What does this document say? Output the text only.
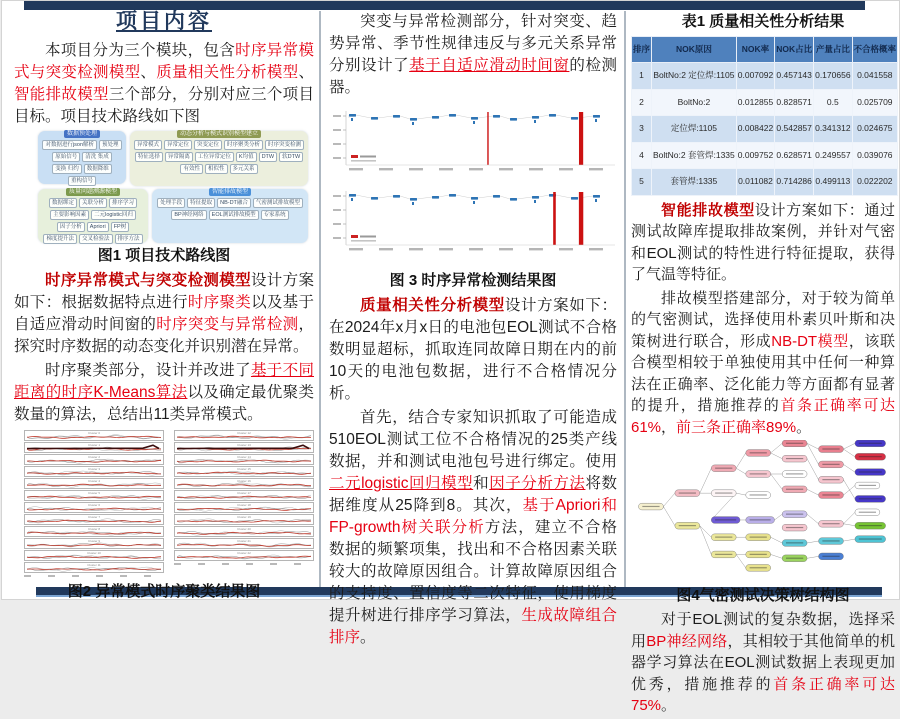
项目内容

本项目分为三个模块，包含时序异常模式与突变检测模型、质量相关性分析模型、智能排故模型三个部分，分别对应三个项目目标。项目技术路线如下图

数据预处理
对数据进行json解析	预处理
原始信号	清洗 集成
变换 归约	数据降维
重构信号
动态分析与模式识别模型建立
异常模式	异常定位	突变定位	时序聚类分析	时序突变检测
特征选择	异常隔离	工位异常定位	K均值	DTW	软DTW
有效性	相似性	多元关系
质量问题溯源模型
数据绑定	关联分析	排序学习
主要影响因素	二元logistic回归
因子分析	Apriori	FP树
梯度提升法	交叉检验法	排序方法
智能排故模型
处理手段	特征提取	NB-DT融合	气密测试排故模型
BP神经网络	EOL测试排故模型	专家系统
图1 项目技术路线图

时序异常模式与突变检测模型设计方案如下：根据数据特点进行时序聚类以及基于自适应滑动时间窗的时序突变与异常检测，探究时序数据的动态变化并识别潜在异常。

时序聚类部分，设计并改进了基于不同距离的时序K-Means算法以及确定最优聚类数量的算法，总结出11类异常模式。

Cluster 0
Cluster 1
Cluster 2
Cluster 3
Cluster 4
Cluster 5
Cluster 6
Cluster 7
Cluster 8
Cluster 9
Cluster 10
Cluster 11
Cluster 12
Cluster 13
Cluster 14
Cluster 15
Cluster 16
Cluster 17
Cluster 18
Cluster 19
Cluster 20
Cluster 21
Cluster 22
图2 异常模式时序聚类结果图

突变与异常检测部分，针对突变、趋势异常、季节性规律违反与多元关系异常分别设计了基于自适应滑动时间窗的检测器。

图 3 时序异常检测结果图

质量相关性分析模型设计方案如下：在2024年x月x日的电池包EOL测试不合格数明显超标，抓取连同故障日期在内的前10天的电池包数据，进行不合格情况分析。

首先，结合专家知识抓取了可能造成510EOL测试工位不合格情况的25类产线数据，并和测试电池包号进行绑定。使用二元logistic回归模型和因子分析方法将数据维度从25降到8。其次，基于Apriori和FP-growth树关联分析方法，建立不合格数据的频繁项集，找出和不合格因素关联较大的故障原因组合。计算故障原因组合的支持度、置信度等二次特征，使用梯度提升树进行排序学习算法，生成故障组合排序。

表1 质量相关性分析结果
排序	NOK原因	NOK率	NOK占比	产量占比	不合格概率
1	BoltNo:2 定位焊:1105	0.007092	0.457143	0.170656	0.041558
2	BoltNo:2	0.012855	0.828571	0.5	0.025709
3	定位焊:1105	0.008422	0.542857	0.341312	0.024675
4	BoltNo:2 套管焊:1335	0.009752	0.628571	0.249557	0.039076
5	套管焊:1335	0.011082	0.714286	0.499113	0.022202

智能排故模型设计方案如下：通过测试故障库提取排故案例，并针对气密和EOL测试的特性进行特征提取，获得了气温等特征。

排故模型搭建部分，对于较为简单的气密测试，选择使用朴素贝叶斯和决策树进行联合，形成NB-DT模型，该联合模型相较于单独使用其中任何一种算法在正确率、泛化能力等方面都有显著的提升，措施推荐的首条正确率可达61%，前三条正确率89%。

图4气密测试决策树结构图

对于EOL测试的复杂数据，选择采用BP神经网络，其相较于其他简单的机器学习算法在EOL测试数据上表现更加优秀，措施推荐的首条正确率可达75%。
